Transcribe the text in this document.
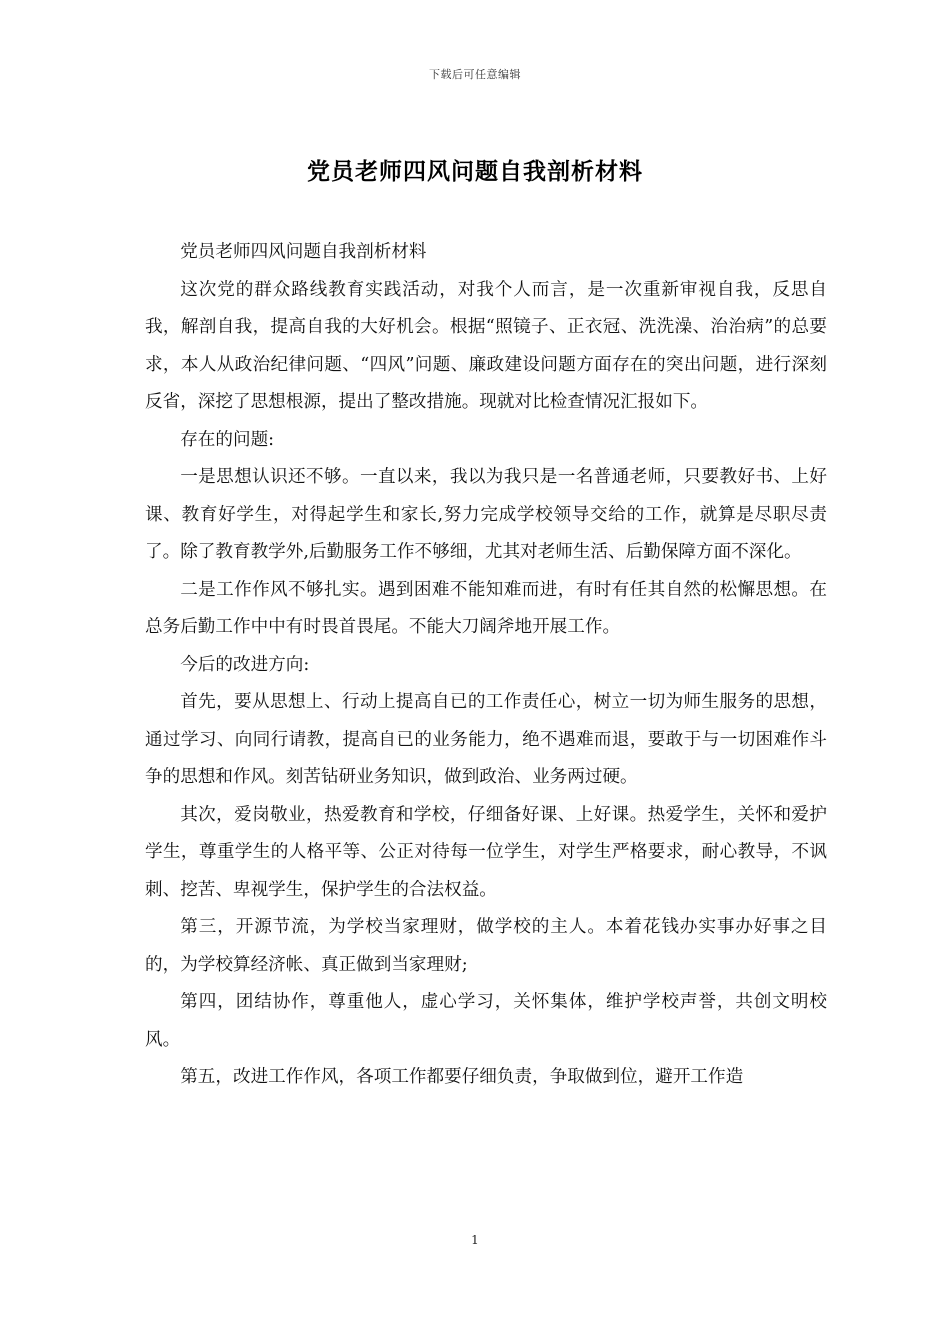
下载后可任意编辑
党员老师四风问题自我剖析材料

党员老师四风问题自我剖析材料

这次党的群众路线教育实践活动，对我个人而言，是一次重新审视自我，反思自我，解剖自我，提高自我的大好机会。根据“照镜子、正衣冠、洗洗澡、治治病”的总要求，本人从政治纪律问题、“四风”问题、廉政建设问题方面存在的突出问题，进行深刻反省，深挖了思想根源，提出了整改措施。现就对比检查情况汇报如下。

存在的问题:

一是思想认识还不够。一直以来，我以为我只是一名普通老师，只要教好书、上好课、教育好学生，对得起学生和家长,努力完成学校领导交给的工作，就算是尽职尽责了。除了教育教学外,后勤服务工作不够细，尤其对老师生活、后勤保障方面不深化。

二是工作作风不够扎实。遇到困难不能知难而进，有时有任其自然的松懈思想。在总务后勤工作中中有时畏首畏尾。不能大刀阔斧地开展工作。

今后的改进方向:

首先，要从思想上、行动上提高自已的工作责任心，树立一切为师生服务的思想，通过学习、向同行请教，提高自已的业务能力，绝不遇难而退，要敢于与一切困难作斗争的思想和作风。刻苦钻研业务知识，做到政治、业务两过硬。

其次，爱岗敬业，热爱教育和学校，仔细备好课、上好课。热爱学生，关怀和爱护学生，尊重学生的人格平等、公正对待每一位学生，对学生严格要求，耐心教导，不讽刺、挖苦、卑视学生，保护学生的合法权益。

第三，开源节流，为学校当家理财，做学校的主人。本着花钱办实事办好事之目的，为学校算经济帐、真正做到当家理财;

第四，团结协作，尊重他人，虚心学习，关怀集体，维护学校声誉，共创文明校风。

第五，改进工作作风，各项工作都要仔细负责，争取做到位，避开工作造

1
